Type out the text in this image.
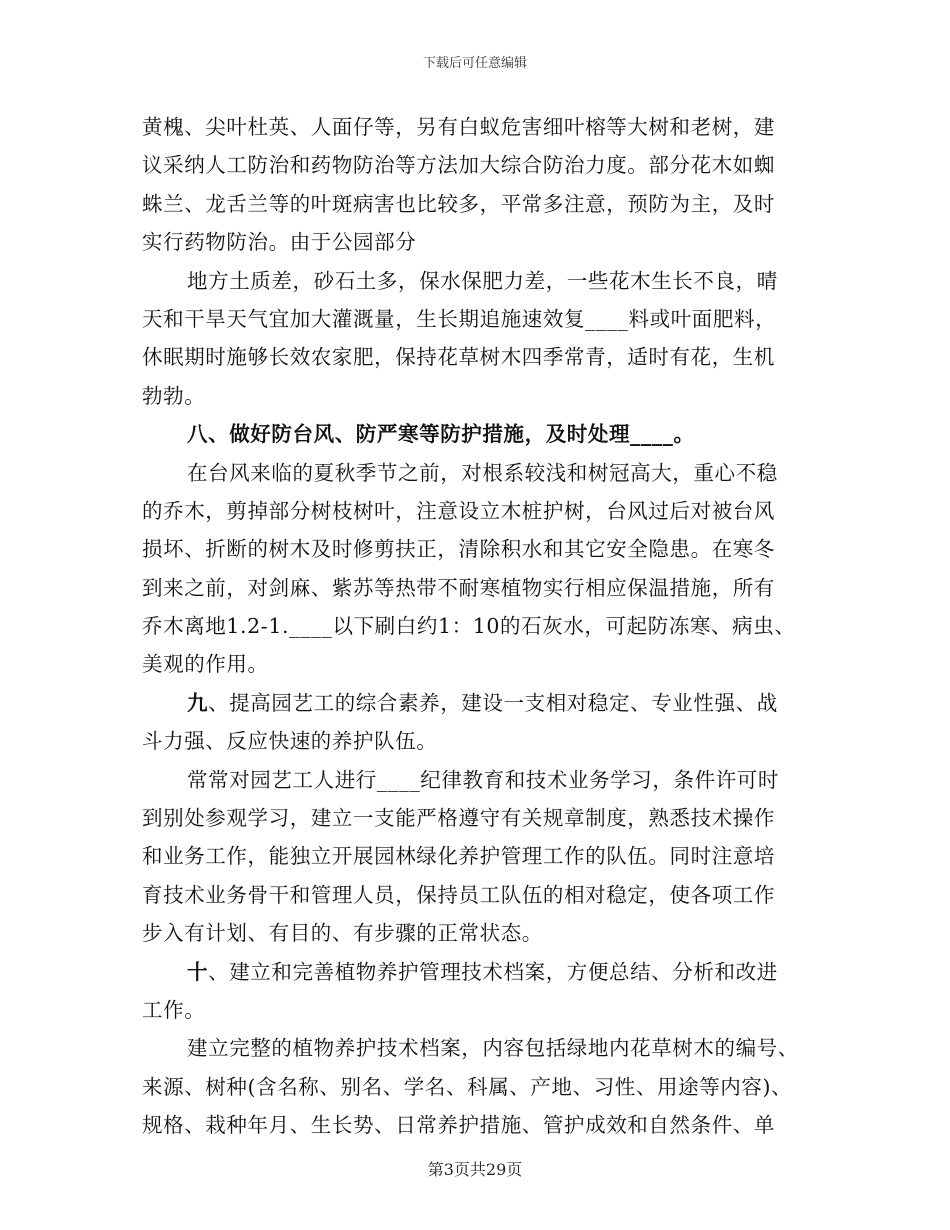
下载后可任意编辑
黄槐、尖叶杜英、人面仔等，另有白蚁危害细叶榕等大树和老树，建
议采纳人工防治和药物防治等方法加大综合防治力度。部分花木如蜘
蛛兰、龙舌兰等的叶斑病害也比较多，平常多注意，预防为主，及时
实行药物防治。由于公园部分
地方土质差，砂石土多，保水保肥力差，一些花木生长不良，晴
天和干旱天气宜加大灌溉量，生长期追施速效复____料或叶面肥料，
休眠期时施够长效农家肥，保持花草树木四季常青，适时有花，生机
勃勃。
八、做好防台风、防严寒等防护措施，及时处理____。
在台风来临的夏秋季节之前，对根系较浅和树冠高大，重心不稳
的乔木，剪掉部分树枝树叶，注意设立木桩护树，台风过后对被台风
损坏、折断的树木及时修剪扶正，清除积水和其它安全隐患。在寒冬
到来之前，对剑麻、紫苏等热带不耐寒植物实行相应保温措施，所有
乔木离地1.2-1.____以下刷白约1：10的石灰水，可起防冻寒、病虫、
美观的作用。
九、提高园艺工的综合素养，建设一支相对稳定、专业性强、战
斗力强、反应快速的养护队伍。
常常对园艺工人进行____纪律教育和技术业务学习，条件许可时
到别处参观学习，建立一支能严格遵守有关规章制度，熟悉技术操作
和业务工作，能独立开展园林绿化养护管理工作的队伍。同时注意培
育技术业务骨干和管理人员，保持员工队伍的相对稳定，使各项工作
步入有计划、有目的、有步骤的正常状态。
十、建立和完善植物养护管理技术档案，方便总结、分析和改进
工作。
建立完整的植物养护技术档案，内容包括绿地内花草树木的编号、
来源、树种(含名称、别名、学名、科属、产地、习性、用途等内容)、
规格、栽种年月、生长势、日常养护措施、管护成效和自然条件、单
第3页共29页
